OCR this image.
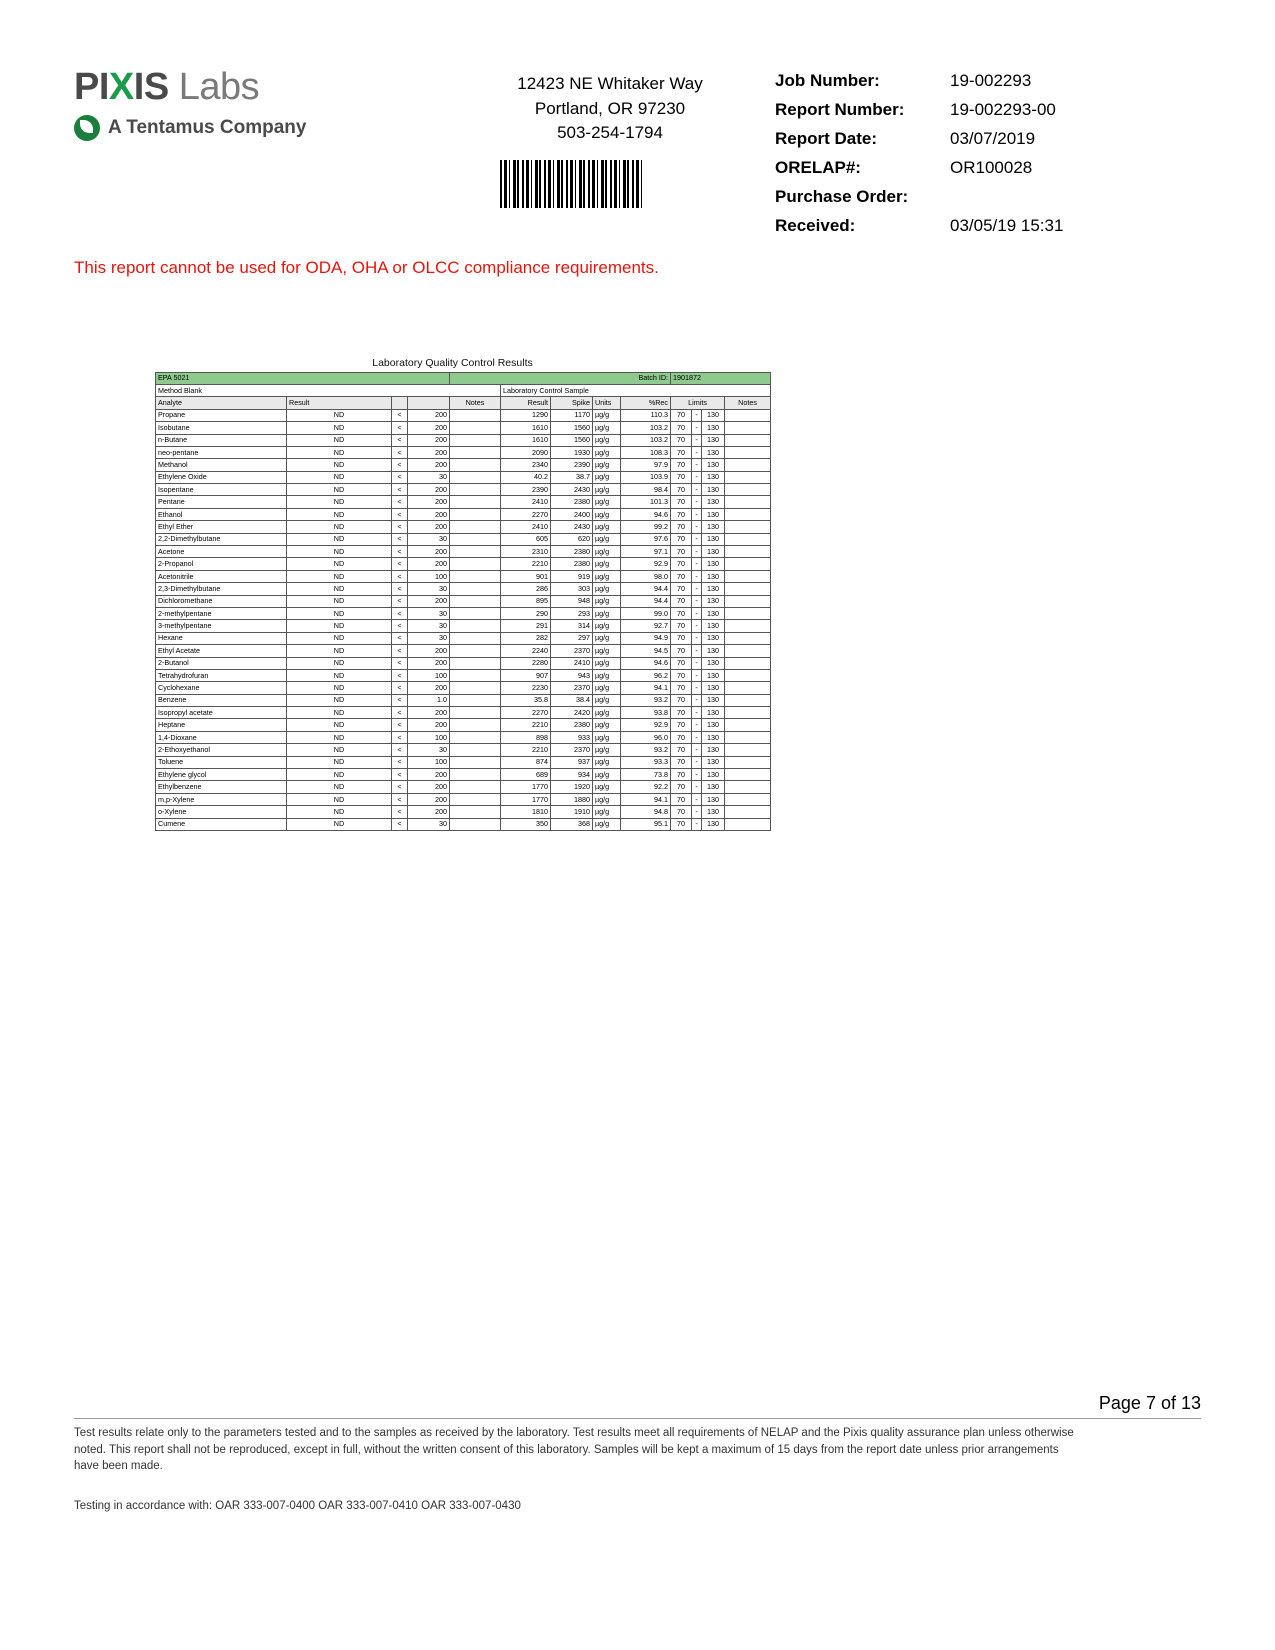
PIXIS Labs
A Tentamus Company
12423 NE Whitaker Way
Portland, OR 97230
503-254-1794
Job Number:	19-002293
Report Number:	19-002293-00
Report Date:	03/07/2019
ORELAP#:	OR100028
Purchase Order:
Received:	03/05/19 15:31
This report cannot be used for ODA, OHA or OLCC compliance requirements.
Laboratory Quality Control Results
EPA 5021				Batch ID:					1901872			
Method Blank					Laboratory Control Sample							
Analyte	Result			Notes	Result	Spike	Units	%Rec	Limits			Notes
Propane	ND	<	200		1290	1170	µg/g	110.3	70	-	130	
Isobutane	ND	<	200		1610	1560	µg/g	103.2	70	-	130	
n-Butane	ND	<	200		1610	1560	µg/g	103.2	70	-	130	
neo-pentane	ND	<	200		2090	1930	µg/g	108.3	70	-	130	
Methanol	ND	<	200		2340	2390	µg/g	97.9	70	-	130	
Ethylene Oxide	ND	<	30		40.2	38.7	µg/g	103.9	70	-	130	
Isopentane	ND	<	200		2390	2430	µg/g	98.4	70	-	130	
Pentane	ND	<	200		2410	2380	µg/g	101.3	70	-	130	
Ethanol	ND	<	200		2270	2400	µg/g	94.6	70	-	130	
Ethyl Ether	ND	<	200		2410	2430	µg/g	99.2	70	-	130	
2,2-Dimethylbutane	ND	<	30		605	620	µg/g	97.6	70	-	130	
Acetone	ND	<	200		2310	2380	µg/g	97.1	70	-	130	
2-Propanol	ND	<	200		2210	2380	µg/g	92.9	70	-	130	
Acetonitrile	ND	<	100		901	919	µg/g	98.0	70	-	130	
2,3-Dimethylbutane	ND	<	30		286	303	µg/g	94.4	70	-	130	
Dichloromethane	ND	<	200		895	948	µg/g	94.4	70	-	130	
2-methylpentane	ND	<	30		290	293	µg/g	99.0	70	-	130	
3-methylpentane	ND	<	30		291	314	µg/g	92.7	70	-	130	
Hexane	ND	<	30		282	297	µg/g	94.9	70	-	130	
Ethyl Acetate	ND	<	200		2240	2370	µg/g	94.5	70	-	130	
2-Butanol	ND	<	200		2280	2410	µg/g	94.6	70	-	130	
Tetrahydrofuran	ND	<	100		907	943	µg/g	96.2	70	-	130	
Cyclohexane	ND	<	200		2230	2370	µg/g	94.1	70	-	130	
Benzene	ND	<	1.0		35.8	38.4	µg/g	93.2	70	-	130	
Isopropyl acetate	ND	<	200		2270	2420	µg/g	93.8	70	-	130	
Heptane	ND	<	200		2210	2380	µg/g	92.9	70	-	130	
1,4-Dioxane	ND	<	100		898	933	µg/g	96.0	70	-	130	
2-Ethoxyethanol	ND	<	30		2210	2370	µg/g	93.2	70	-	130	
Toluene	ND	<	100		874	937	µg/g	93.3	70	-	130	
Ethylene glycol	ND	<	200		689	934	µg/g	73.8	70	-	130	
Ethylbenzene	ND	<	200		1770	1920	µg/g	92.2	70	-	130	
m,p-Xylene	ND	<	200		1770	1880	µg/g	94.1	70	-	130	
o-Xylene	ND	<	200		1810	1910	µg/g	94.8	70	-	130	
Cumene	ND	<	30		350	368	µg/g	95.1	70	-	130	
Page 7 of 13
Test results relate only to the parameters tested and to the samples as received by the laboratory. Test results meet all requirements of NELAP and the Pixis quality assurance plan unless otherwise noted. This report shall not be reproduced, except in full, without the written consent of this laboratory. Samples will be kept a maximum of 15 days from the report date unless prior arrangements have been made.
Testing in accordance with: OAR 333-007-0400 OAR 333-007-0410 OAR 333-007-0430
